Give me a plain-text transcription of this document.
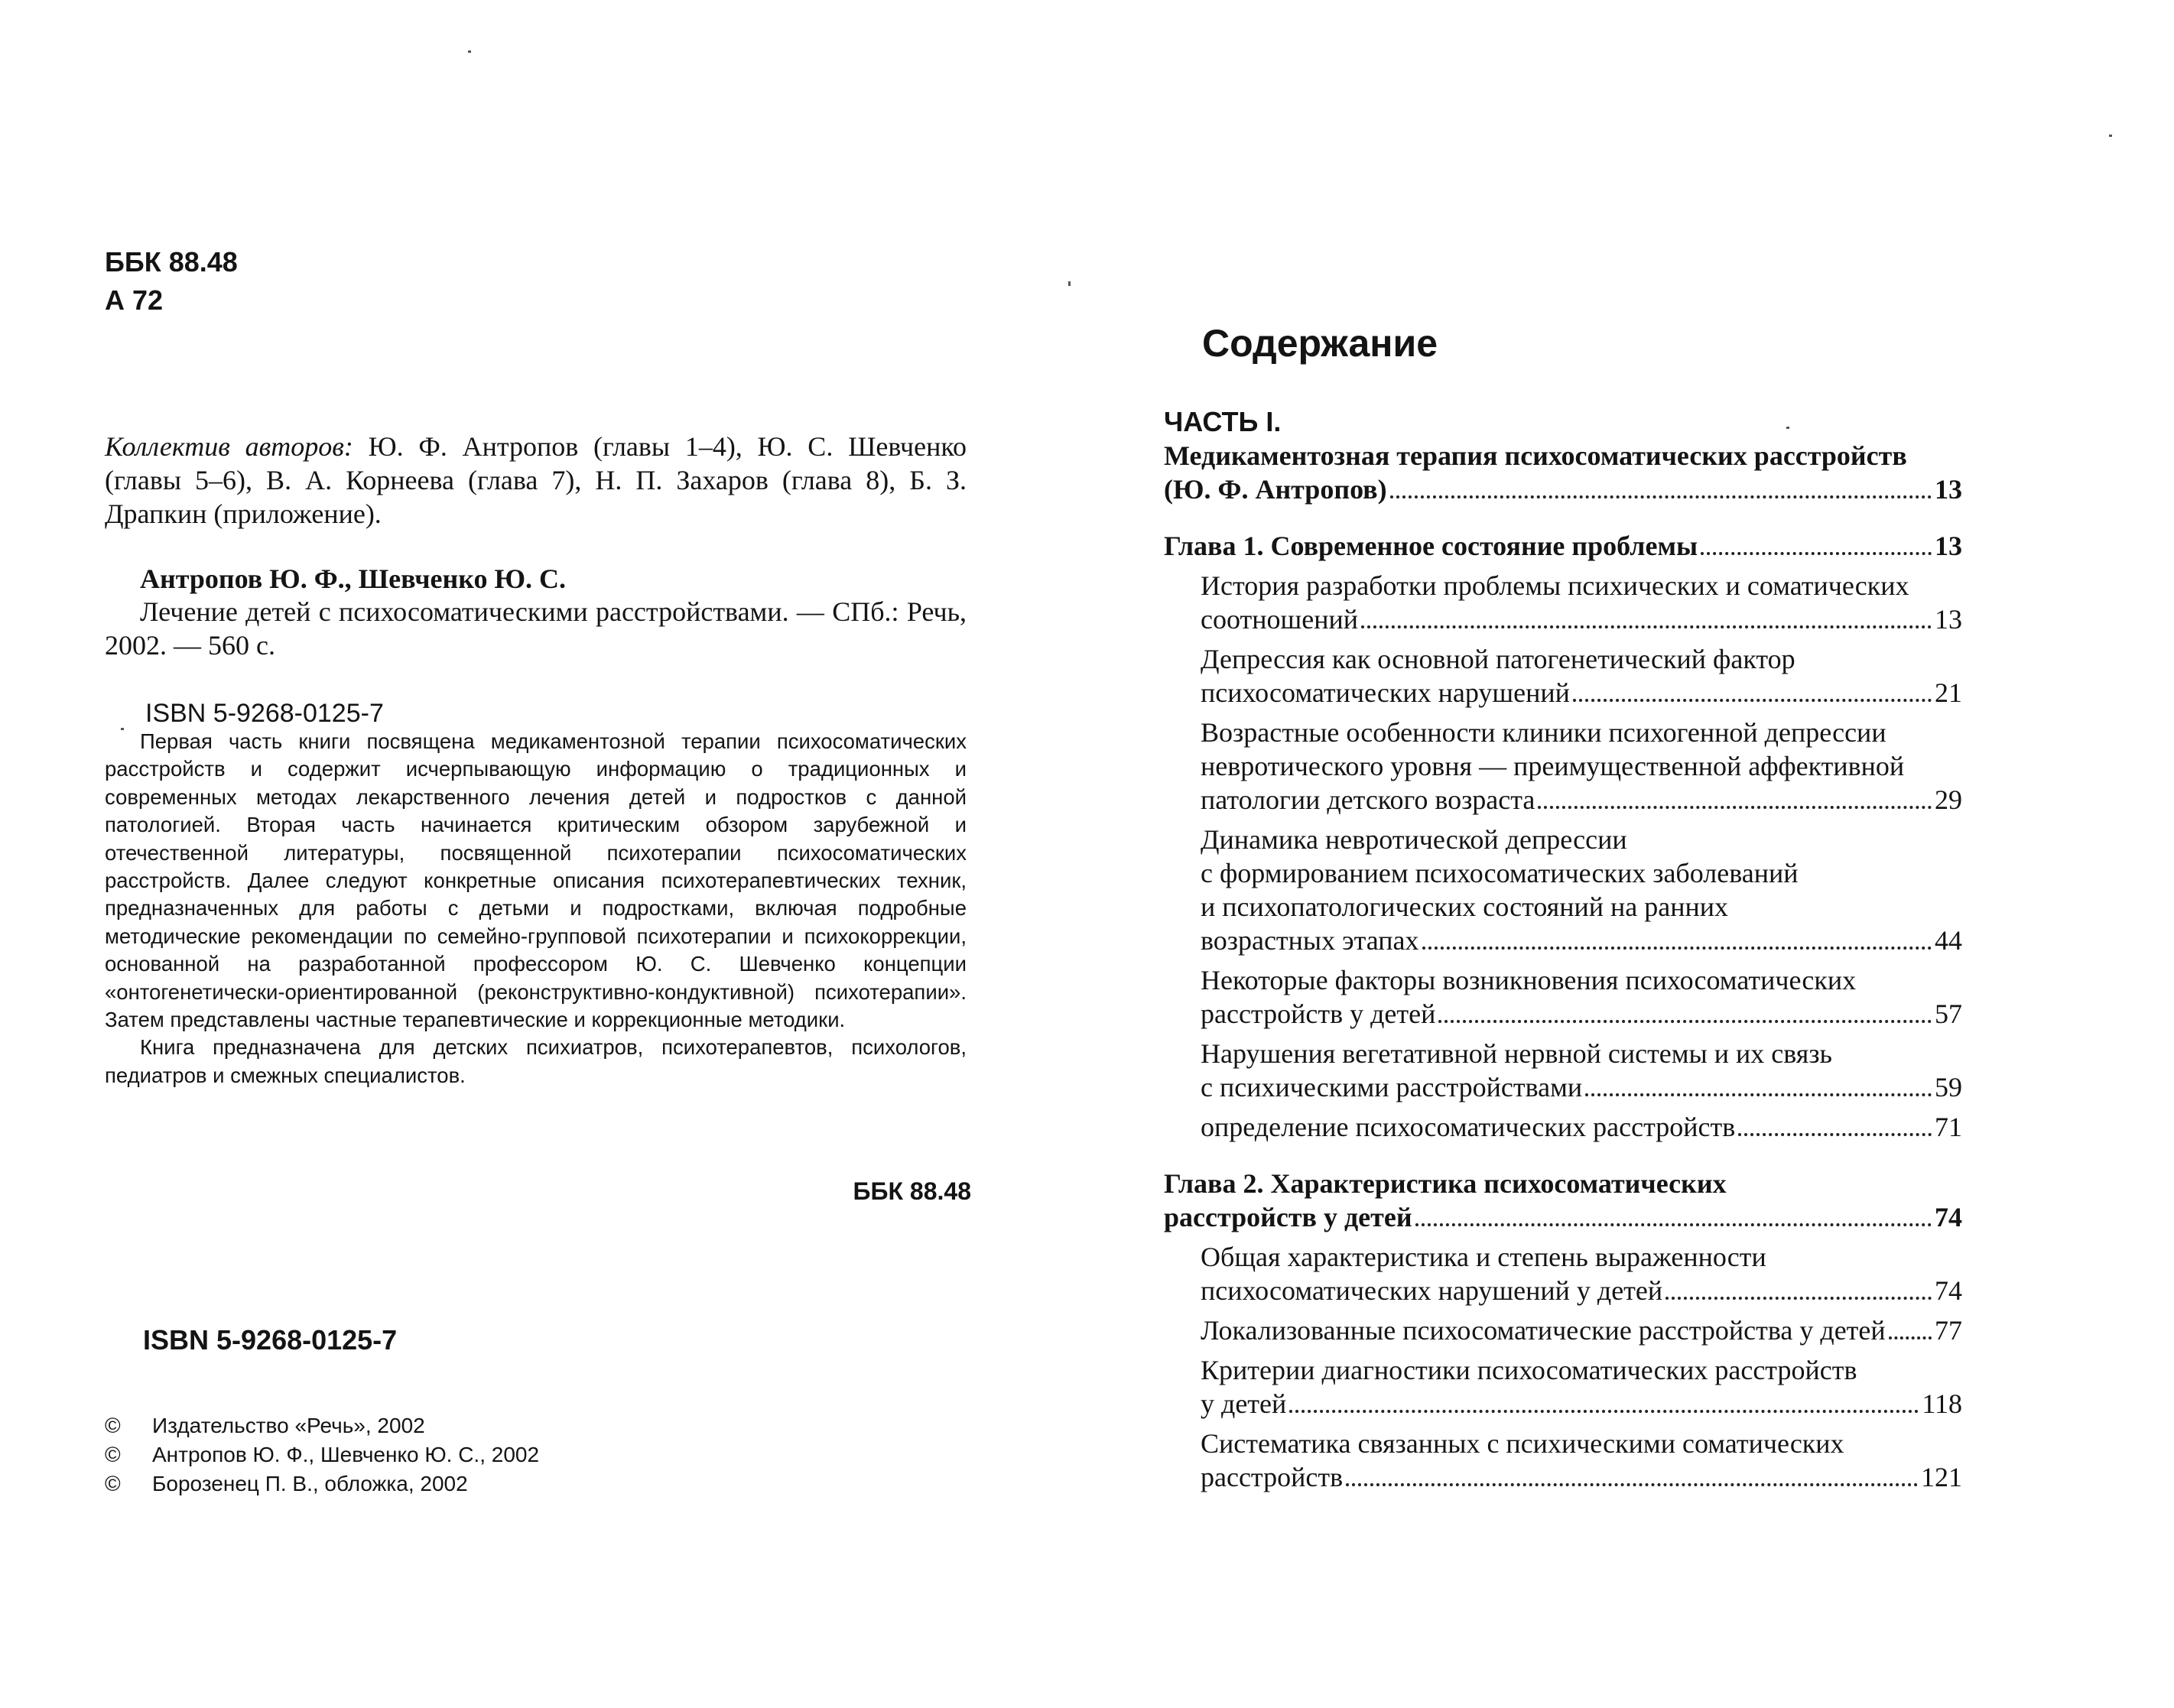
ББК 88.48
А 72
Коллектив авторов: Ю. Ф. Антропов (главы 1–4), Ю. С. Шевченко (главы 5–6), В. А. Корнеева (глава 7), Н. П. Захаров (глава 8), Б. З. Драпкин (приложение).
Антропов Ю. Ф., Шевченко Ю. С.
Лечение детей с психосоматическими расстройствами. — СПб.: Речь, 2002. — 560 с.
ISBN 5-9268-0125-7

Первая часть книги посвящена медикаментозной терапии психосоматических расстройств и содержит исчерпывающую информацию о традиционных и современных методах лекарственного лечения детей и подростков с данной патологией. Вторая часть начинается критическим обзором зарубежной и отечественной литературы, посвященной психотерапии психосоматических расстройств. Далее следуют конкретные описания психотерапевтических техник, предназначенных для работы с детьми и подростками, включая подробные методические рекомендации по семейно-групповой психотерапии и психокоррекции, основанной на разработанной профессором Ю. С. Шевченко концепции «онтогенетически-ориентированной (реконструктивно-кондуктивной) психотерапии». Затем представлены частные терапевтические и коррекционные методики.

Книга предназначена для детских психиатров, психотерапевтов, психологов, педиатров и смежных специалистов.

ББК 88.48
ISBN 5-9268-0125-7
©	Издательство «Речь», 2002
©	Антропов Ю. Ф., Шевченко Ю. С., 2002
©	Борозенец П. В., обложка, 2002
Содержание
ЧАСТЬ I.
Медикаментозная терапия психосоматических расстройств
(Ю. Ф. Антропов)	13
Глава 1. Современное состояние проблемы	13
История разработки проблемы психических и соматических
соотношений	13
Депрессия как основной патогенетический фактор
психосоматических нарушений	21
Возрастные особенности клиники психогенной депрессии
невротического уровня — преимущественной аффективной
патологии детского возраста	29
Динамика невротической депрессии
с формированием психосоматических заболеваний
и психопатологических состояний на ранних
возрастных этапах	44
Некоторые факторы возникновения психосоматических
расстройств у детей	57
Нарушения вегетативной нервной системы и их связь
с психическими расстройствами	59
определение психосоматических расстройств	71
Глава 2. Характеристика психосоматических
расстройств у детей	74
Общая характеристика и степень выраженности
психосоматических нарушений у детей	74
Локализованные психосоматические расстройства у детей 77
Критерии диагностики психосоматических расстройств
у детей	118
Систематика связанных с психическими соматических
расстройств	121
